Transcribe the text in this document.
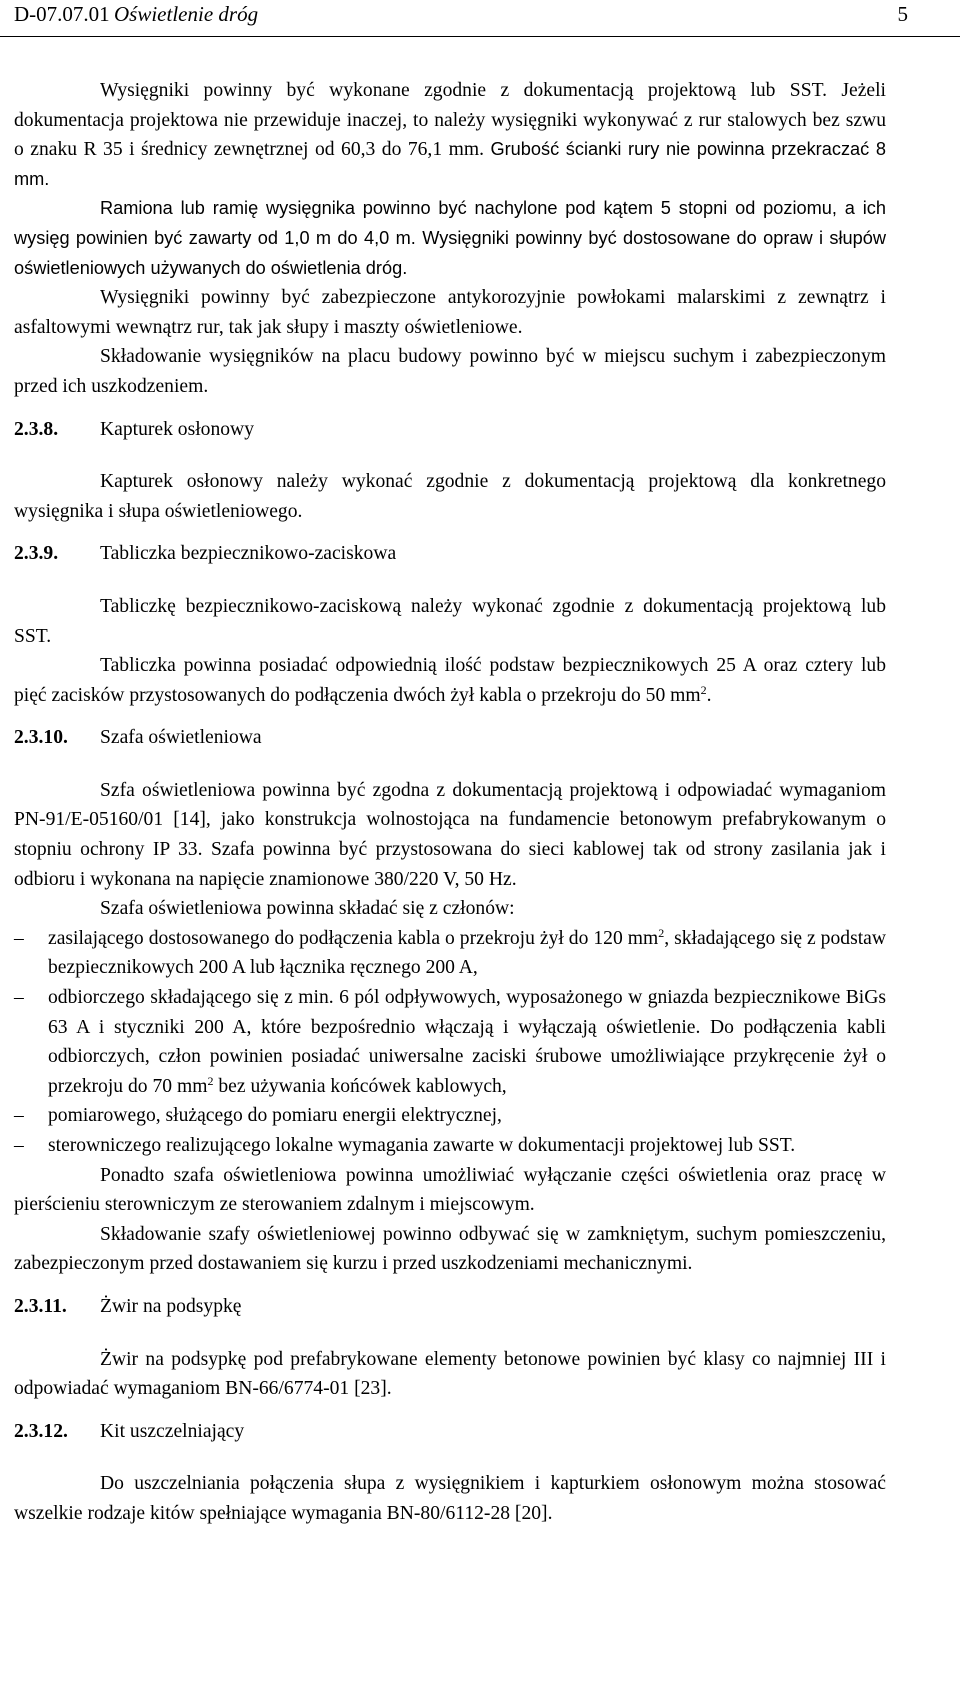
D-07.07.01 Oświetlenie dróg	5

Wysięgniki powinny być wykonane zgodnie z dokumentacją projektową lub SST. Jeżeli dokumentacja projektowa nie przewiduje inaczej, to należy wysięgniki wykonywać z rur stalowych bez szwu o znaku R 35 i średnicy zewnętrznej od 60,3 do 76,1 mm. Grubość ścianki rury nie powinna przekraczać 8 mm.

Ramiona lub ramię wysięgnika powinno być nachylone pod kątem 5 stopni od poziomu, a ich wysięg powinien być zawarty od 1,0 m do 4,0 m. Wysięgniki powinny być dostosowane do opraw i słupów oświetleniowych używanych do oświetlenia dróg.

Wysięgniki powinny być zabezpieczone antykorozyjnie powłokami malarskimi z zewnątrz i asfaltowymi wewnątrz rur, tak jak słupy i maszty oświetleniowe.

Składowanie wysięgników na placu budowy powinno być w miejscu suchym i zabezpieczonym przed ich uszkodzeniem.

2.3.8.	Kapturek osłonowy

Kapturek osłonowy należy wykonać zgodnie z dokumentacją projektową dla konkretnego wysięgnika i słupa oświetleniowego.

2.3.9.	Tabliczka bezpiecznikowo-zaciskowa

Tabliczkę bezpiecznikowo-zaciskową należy wykonać zgodnie z dokumentacją projektową lub SST.

Tabliczka powinna posiadać odpowiednią ilość podstaw bezpiecznikowych 25 A oraz cztery lub pięć zacisków przystosowanych do podłączenia dwóch żył kabla o przekroju do 50 $mm^2$.

2.3.10.	Szafa oświetleniowa

Szfa oświetleniowa powinna być zgodna z dokumentacją projektową i odpowiadać wymaganiom PN-91/E-05160/01 [14], jako konstrukcja wolnostojąca na fundamencie betonowym prefabrykowanym o stopniu ochrony IP 33. Szafa powinna być przystosowana do sieci kablowej tak od strony zasilania jak i odbioru i wykonana na napięcie znamionowe 380/220 V, 50 Hz.

Szafa oświetleniowa powinna składać się z członów:

– zasilającego dostosowanego do podłączenia kabla o przekroju żył do 120 $mm^2$, składającego się z podstaw bezpiecznikowych 200 A lub łącznika ręcznego 200 A,
– odbiorczego składającego się z min. 6 pól odpływowych, wyposażonego w gniazda bezpiecznikowe BiGs 63 A i styczniki 200 A, które bezpośrednio włączają i wyłączają oświetlenie. Do podłączenia kabli odbiorczych, człon powinien posiadać uniwersalne zaciski śrubowe umożliwiające przykręcenie żył o przekroju do 70 $mm^2$ bez używania końcówek kablowych,
– pomiarowego, służącego do pomiaru energii elektrycznej,
– sterowniczego realizującego lokalne wymagania zawarte w dokumentacji projektowej lub SST.

Ponadto szafa oświetleniowa powinna umożliwiać wyłączanie części oświetlenia oraz pracę w pierścieniu sterowniczym ze sterowaniem zdalnym i miejscowym.

Składowanie szafy oświetleniowej powinno odbywać się w zamkniętym, suchym pomieszczeniu, zabezpieczonym przed dostawaniem się kurzu i przed uszkodzeniami mechanicznymi.

2.3.11.	Żwir na podsypkę

Żwir na podsypkę pod prefabrykowane elementy betonowe powinien być klasy co najmniej III i odpowiadać wymaganiom BN-66/6774-01 [23].

2.3.12.	Kit uszczelniający

Do uszczelniania połączenia słupa z wysięgnikiem i kapturkiem osłonowym można stosować wszelkie rodzaje kitów spełniające wymagania BN-80/6112-28 [20].
